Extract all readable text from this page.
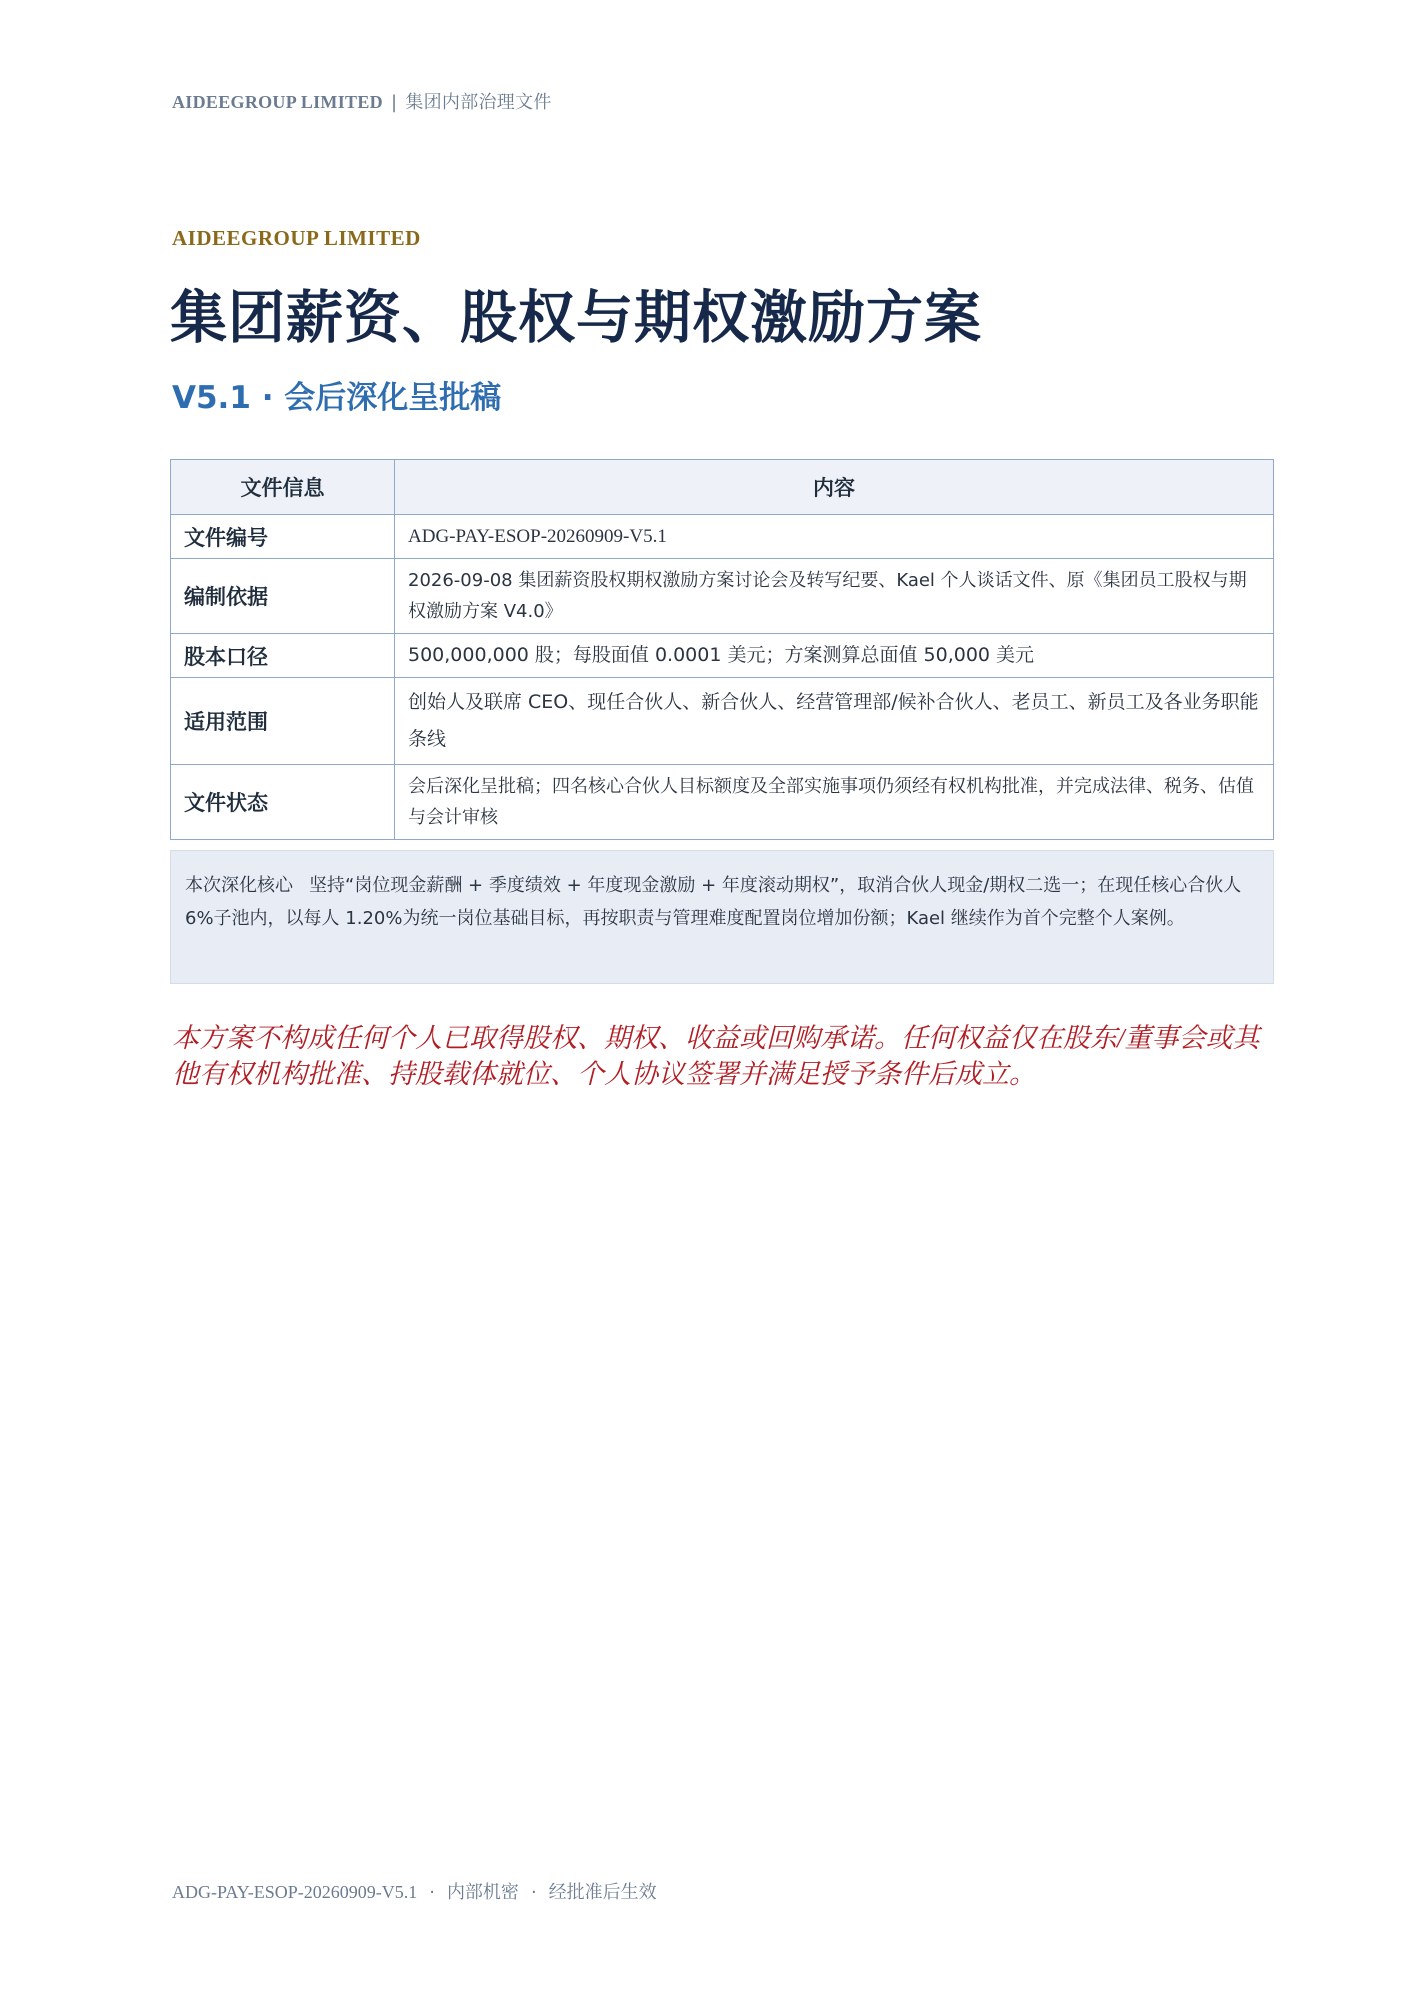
AIDEEGROUP LIMITED | 集团内部治理文件
AIDEEGROUP LIMITED
集团薪资、股权与期权激励方案
V5.1 · 会后深化呈批稿
文件信息	内容
文件编号	ADG-PAY-ESOP-20260909-V5.1
编制依据	2026-09-08 集团薪资股权期权激励方案讨论会及转写纪要、Kael 个人谈话文件、原《集团员工股权与期权激励方案 V4.0》
股本口径	500,000,000 股；每股面值 0.0001 美元；方案测算总面值 50,000 美元
适用范围	创始人及联席 CEO、现任合伙人、新合伙人、经营管理部/候补合伙人、老员工、新员工及各业务职能条线
文件状态	会后深化呈批稿；四名核心合伙人目标额度及全部实施事项仍须经有权机构批准，并完成法律、税务、估值与会计审核
本次深化核心 坚持“岗位现金薪酬 + 季度绩效 + 年度现金激励 + 年度滚动期权”，取消合伙人现金/期权二选一；在现任核心合伙人 6%子池内，以每人 1.20%为统一岗位基础目标，再按职责与管理难度配置岗位增加份额；Kael 继续作为首个完整个人案例。
本方案不构成任何个人已取得股权、期权、收益或回购承诺。任何权益仅在股东/董事会或其他有权机构批准、持股载体就位、个人协议签署并满足授予条件后成立。
ADG-PAY-ESOP-20260909-V5.1 · 内部机密 · 经批准后生效
